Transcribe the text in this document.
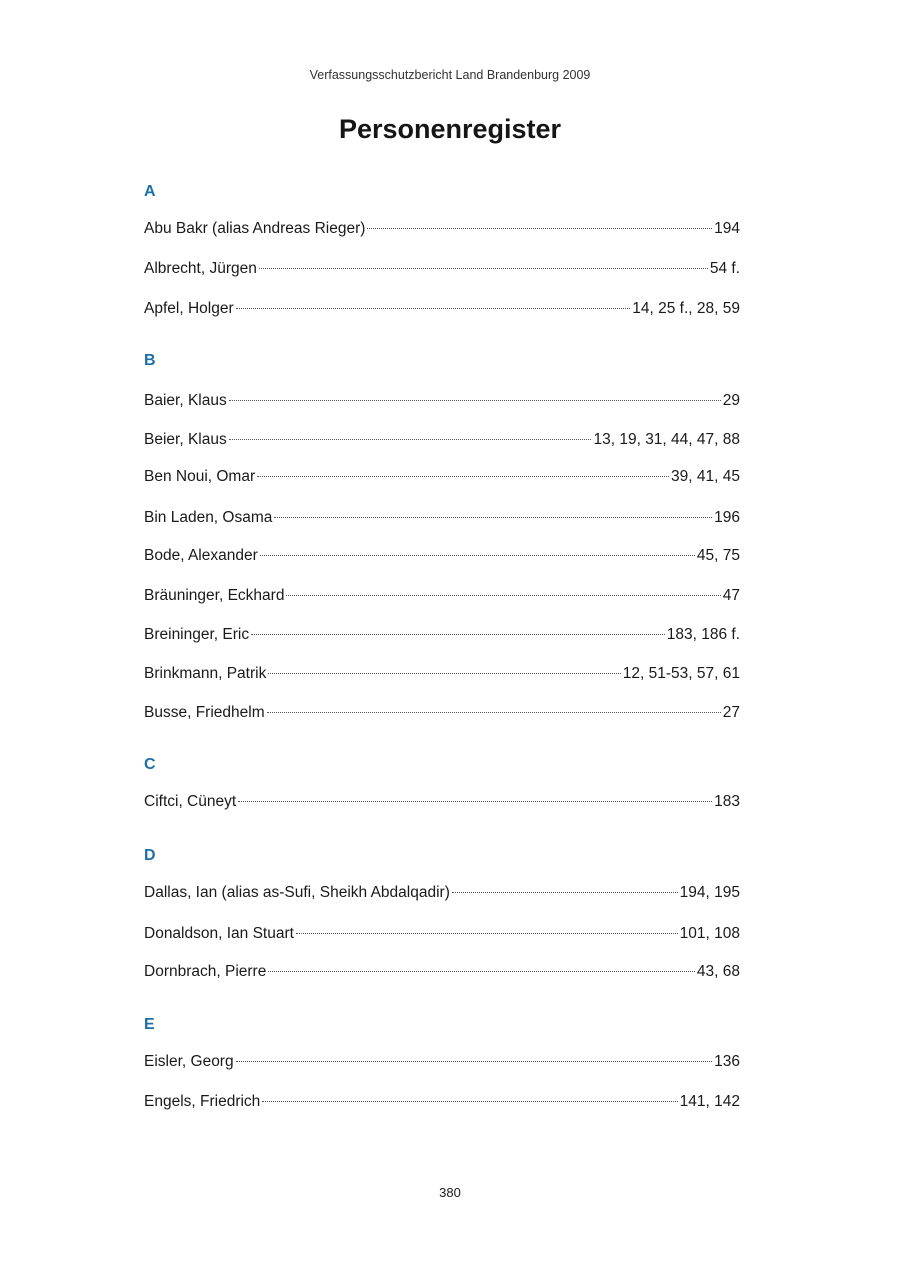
Verfassungsschutzbericht Land Brandenburg 2009
Personenregister
A
Abu Bakr (alias Andreas Rieger)	194
Albrecht, Jürgen	54 f.
Apfel, Holger	14, 25 f., 28, 59
B
Baier, Klaus	29
Beier, Klaus	13, 19, 31, 44, 47, 88
Ben Noui, Omar	39, 41, 45
Bin Laden, Osama	196
Bode, Alexander	45, 75
Bräuninger, Eckhard	47
Breininger, Eric	183, 186 f.
Brinkmann, Patrik	12, 51-53, 57, 61
Busse, Friedhelm	27
C
Ciftci, Cüneyt	183
D
Dallas, Ian (alias as-Sufi, Sheikh Abdalqadir)	194, 195
Donaldson, Ian Stuart	101, 108
Dornbrach, Pierre	43, 68
E
Eisler, Georg	136
Engels, Friedrich	141, 142
380
